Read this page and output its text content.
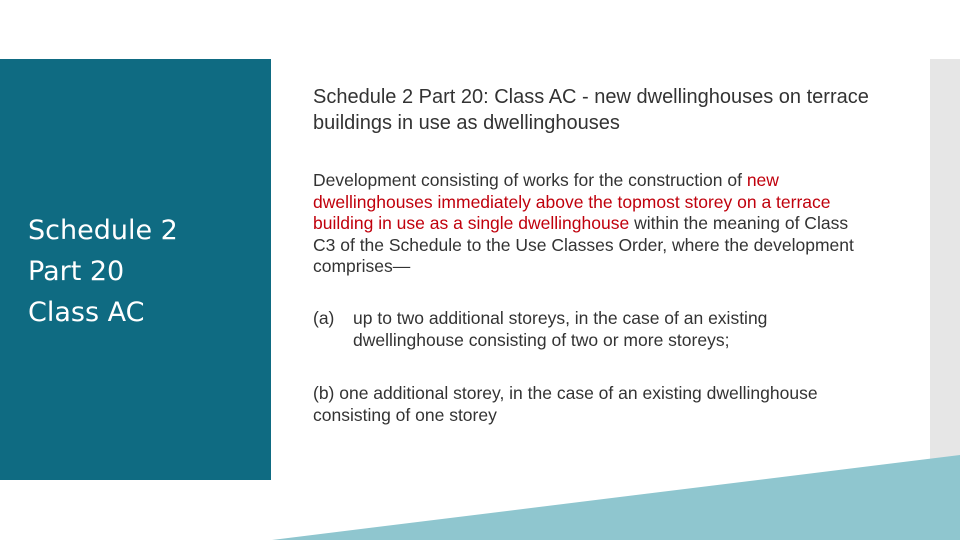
Schedule 2
Part 20
Class AC
Schedule 2 Part 20: Class AC - new dwellinghouses on terrace buildings in use as dwellinghouses

Development consisting of works for the construction of new dwellinghouses immediately above the topmost storey on a terrace building in use as a single dwellinghouse within the meaning of Class C3 of the Schedule to the Use Classes Order, where the development comprises—

(a) up to two additional storeys, in the case of an existing dwellinghouse consisting of two or more storeys;

(b) one additional storey, in the case of an existing dwellinghouse consisting of one storey
